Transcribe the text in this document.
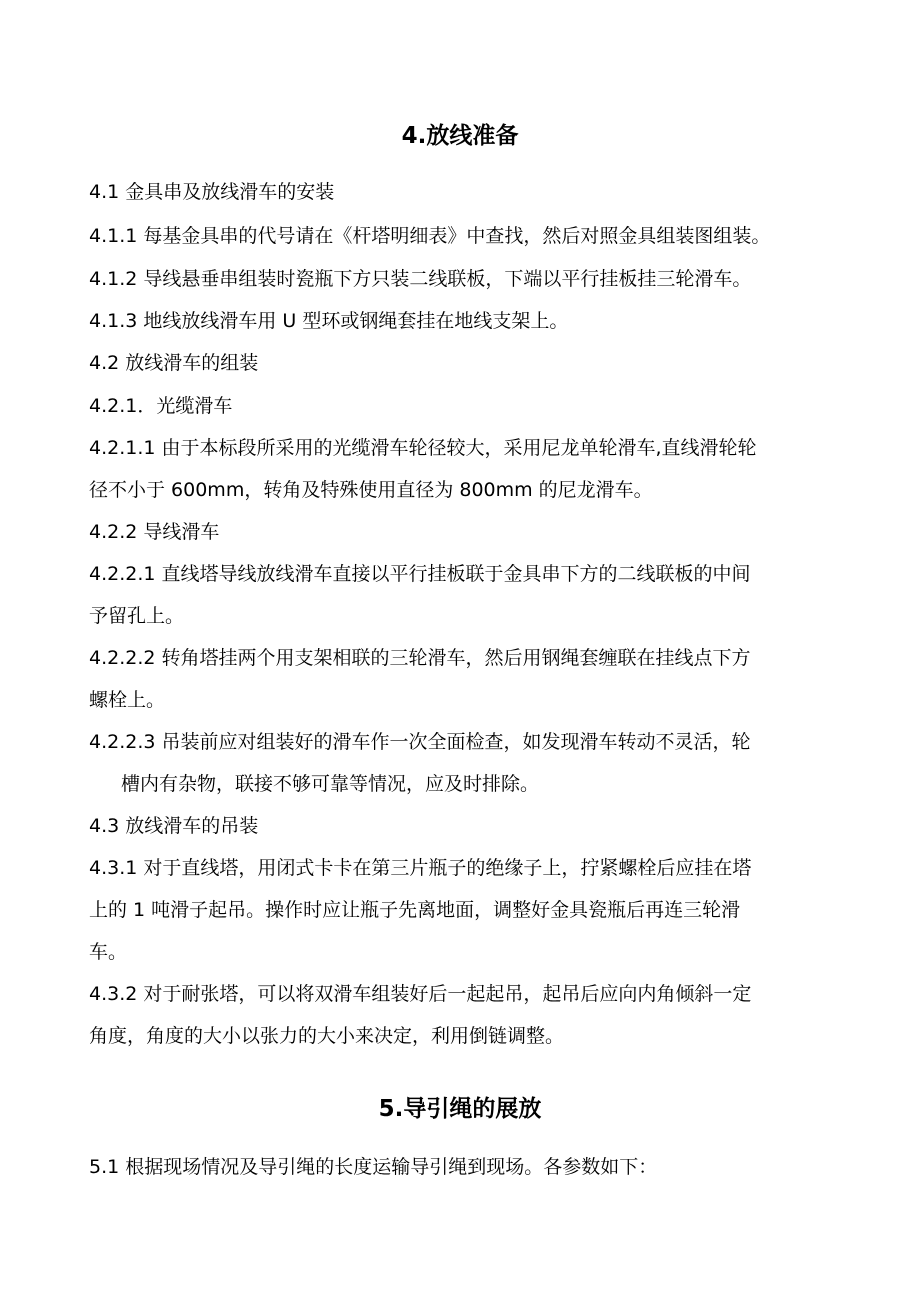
4.放线准备
4.1 金具串及放线滑车的安装
4.1.1 每基金具串的代号请在《杆塔明细表》中查找，然后对照金具组装图组装。
4.1.2 导线悬垂串组装时瓷瓶下方只装二线联板，下端以平行挂板挂三轮滑车。
4.1.3 地线放线滑车用 U 型环或钢绳套挂在地线支架上。
4.2 放线滑车的组装
4.2.1．光缆滑车
4.2.1.1 由于本标段所采用的光缆滑车轮径较大，采用尼龙单轮滑车,直线滑轮轮
径不小于 600mm，转角及特殊使用直径为 800mm 的尼龙滑车。
4.2.2 导线滑车
4.2.2.1 直线塔导线放线滑车直接以平行挂板联于金具串下方的二线联板的中间
予留孔上。
4.2.2.2 转角塔挂两个用支架相联的三轮滑车，然后用钢绳套缠联在挂线点下方
螺栓上。
4.2.2.3 吊装前应对组装好的滑车作一次全面检查，如发现滑车转动不灵活，轮
槽内有杂物，联接不够可靠等情况，应及时排除。
4.3 放线滑车的吊装
4.3.1 对于直线塔，用闭式卡卡在第三片瓶子的绝缘子上，拧紧螺栓后应挂在塔
上的 1 吨滑子起吊。操作时应让瓶子先离地面，调整好金具瓷瓶后再连三轮滑
车。
4.3.2 对于耐张塔，可以将双滑车组装好后一起起吊，起吊后应向内角倾斜一定
角度，角度的大小以张力的大小来决定，利用倒链调整。
5.导引绳的展放
5.1 根据现场情况及导引绳的长度运输导引绳到现场。各参数如下：
